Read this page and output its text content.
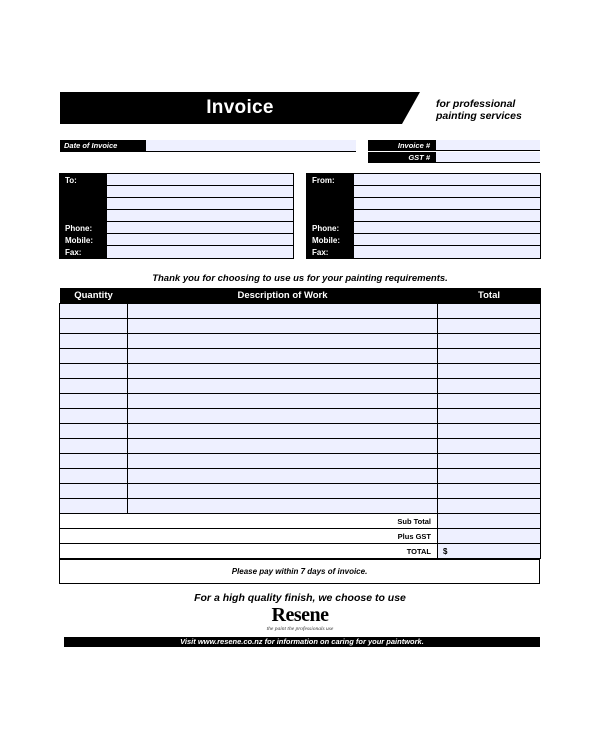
Invoice	for professional painting services
Date of Invoice	Invoice #
GST #
To:
Phone:
Mobile:
Fax:
From:
Phone:
Mobile:
Fax:
Thank you for choosing to use us for your painting requirements.
Quantity	Description of Work	Total

Sub Total		
Plus GST		
TOTAL		$
Please pay within 7 days of invoice.
For a high quality finish, we choose to use
Resene
the paint the professionals use
Visit www.resene.co.nz for information on caring for your paintwork.
